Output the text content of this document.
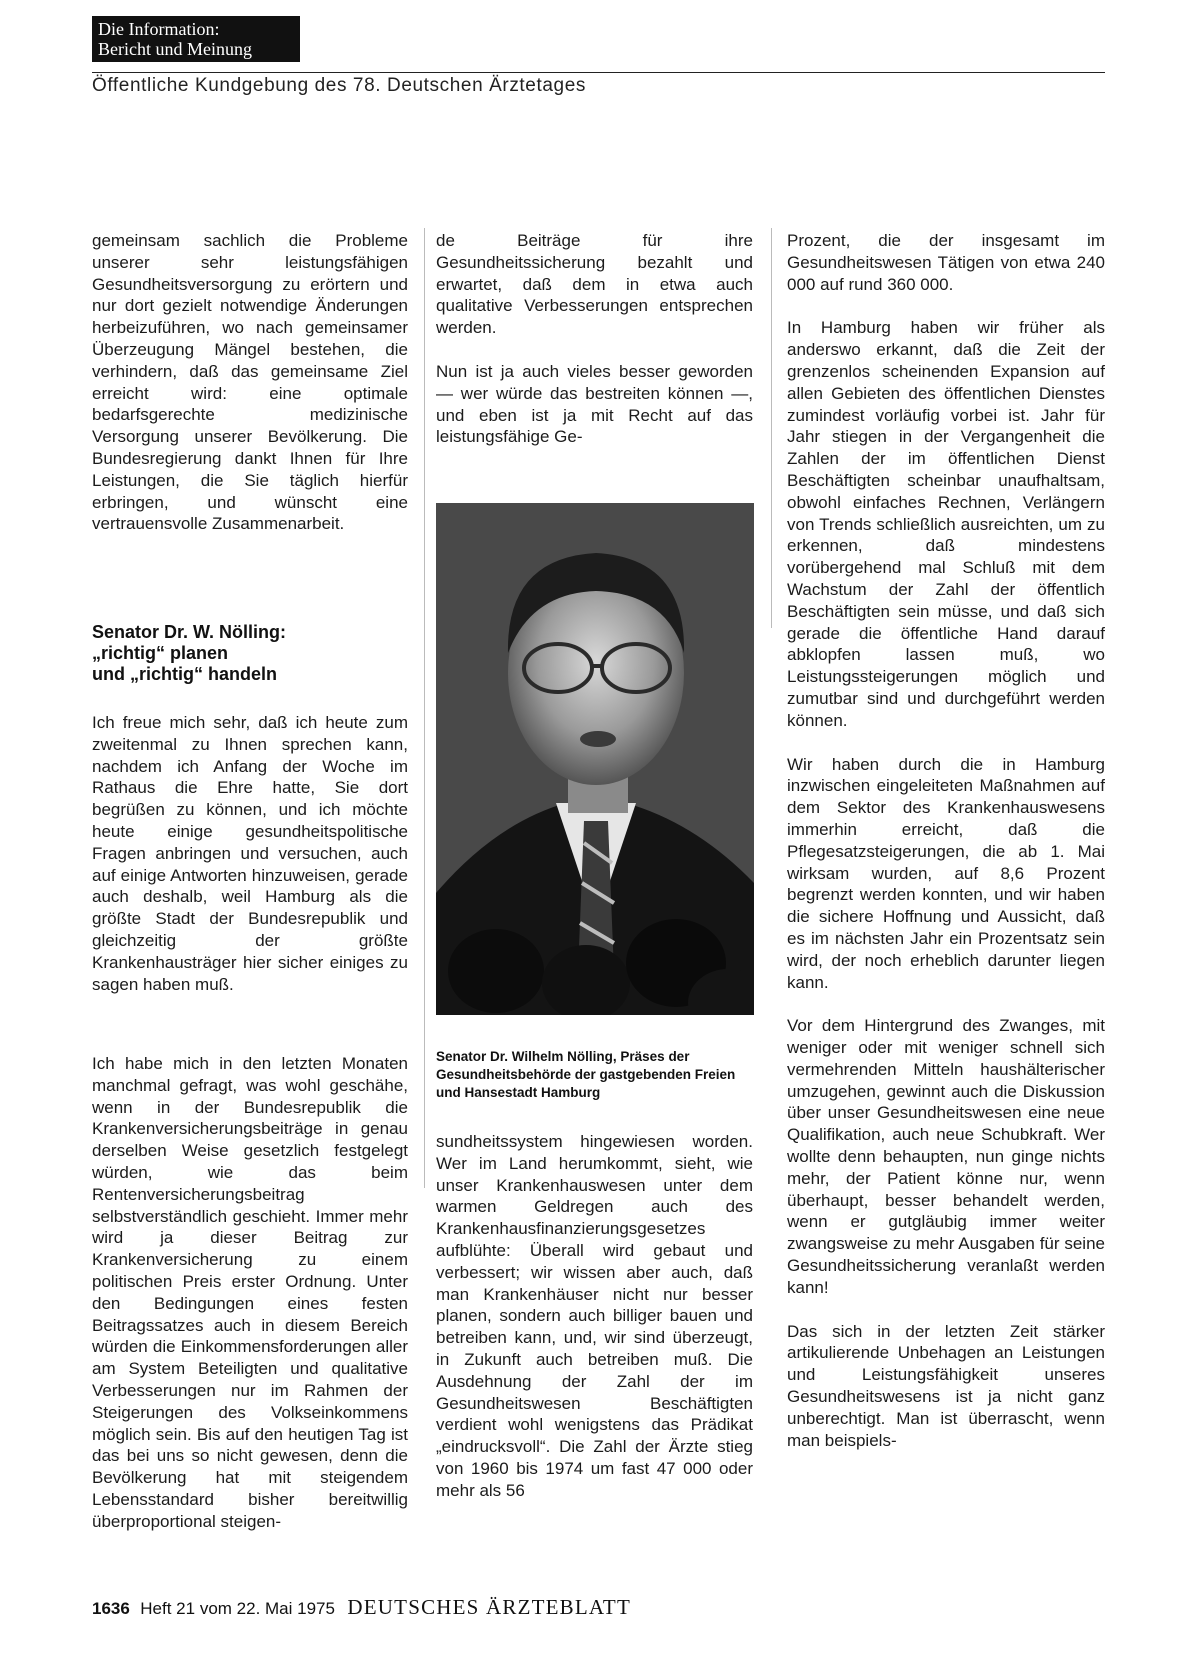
Die Information:
Bericht und Meinung
Öffentliche Kundgebung des 78. Deutschen Ärztetages

gemeinsam sachlich die Probleme unserer sehr leistungsfähigen Gesundheitsversorgung zu erörtern und nur dort gezielt notwendige Änderungen herbeizuführen, wo nach gemeinsamer Überzeugung Mängel bestehen, die verhindern, daß das gemeinsame Ziel erreicht wird: eine optimale bedarfsgerechte medizinische Versorgung unserer Bevölkerung. Die Bundesregierung dankt Ihnen für Ihre Leistungen, die Sie täglich hierfür erbringen, und wünscht eine vertrauensvolle Zusammenarbeit.

Senator Dr. W. Nölling:
„richtig“ planen
und „richtig“ handeln

Ich freue mich sehr, daß ich heute zum zweitenmal zu Ihnen sprechen kann, nachdem ich Anfang der Woche im Rathaus die Ehre hatte, Sie dort begrüßen zu können, und ich möchte heute einige gesundheitspolitische Fragen anbringen und versuchen, auch auf einige Antworten hinzuweisen, gerade auch deshalb, weil Hamburg als die größte Stadt der Bundesrepublik und gleichzeitig der größte Krankenhausträger hier sicher einiges zu sagen haben muß.

Ich habe mich in den letzten Monaten manchmal gefragt, was wohl geschähe, wenn in der Bundesrepublik die Krankenversicherungsbeiträge in genau derselben Weise gesetzlich festgelegt würden, wie das beim Rentenversicherungsbeitrag selbstverständlich geschieht. Immer mehr wird ja dieser Beitrag zur Krankenversicherung zu einem politischen Preis erster Ordnung. Unter den Bedingungen eines festen Beitragssatzes auch in diesem Bereich würden die Einkommensforderungen aller am System Beteiligten und qualitative Verbesserungen nur im Rahmen der Steigerungen des Volkseinkommens möglich sein. Bis auf den heutigen Tag ist das bei uns so nicht gewesen, denn die Bevölkerung hat mit steigendem Lebensstandard bisher bereitwillig überproportional steigen-

de Beiträge für ihre Gesundheitssicherung bezahlt und erwartet, daß dem in etwa auch qualitative Verbesserungen entsprechen werden.

Nun ist ja auch vieles besser geworden — wer würde das bestreiten können —, und eben ist ja mit Recht auf das leistungsfähige Ge-

Senator Dr. Wilhelm Nölling, Präses der Gesundheitsbehörde der gastgebenden Freien und Hansestadt Hamburg

sundheitssystem hingewiesen worden. Wer im Land herumkommt, sieht, wie unser Krankenhauswesen unter dem warmen Geldregen auch des Krankenhausfinanzierungsgesetzes aufblühte: Überall wird gebaut und verbessert; wir wissen aber auch, daß man Krankenhäuser nicht nur besser planen, sondern auch billiger bauen und betreiben kann, und, wir sind überzeugt, in Zukunft auch betreiben muß. Die Ausdehnung der Zahl der im Gesundheitswesen Beschäftigten verdient wohl wenigstens das Prädikat „eindrucksvoll“. Die Zahl der Ärzte stieg von 1960 bis 1974 um fast 47 000 oder mehr als 56

Prozent, die der insgesamt im Gesundheitswesen Tätigen von etwa 240 000 auf rund 360 000.

In Hamburg haben wir früher als anderswo erkannt, daß die Zeit der grenzenlos scheinenden Expansion auf allen Gebieten des öffentlichen Dienstes zumindest vorläufig vorbei ist. Jahr für Jahr stiegen in der Vergangenheit die Zahlen der im öffentlichen Dienst Beschäftigten scheinbar unaufhaltsam, obwohl einfaches Rechnen, Verlängern von Trends schließlich ausreichten, um zu erkennen, daß mindestens vorübergehend mal Schluß mit dem Wachstum der Zahl der öffentlich Beschäftigten sein müsse, und daß sich gerade die öffentliche Hand darauf abklopfen lassen muß, wo Leistungssteigerungen möglich und zumutbar sind und durchgeführt werden können.

Wir haben durch die in Hamburg inzwischen eingeleiteten Maßnahmen auf dem Sektor des Krankenhauswesens immerhin erreicht, daß die Pflegesatzsteigerungen, die ab 1. Mai wirksam wurden, auf 8,6 Prozent begrenzt werden konnten, und wir haben die sichere Hoffnung und Aussicht, daß es im nächsten Jahr ein Prozentsatz sein wird, der noch erheblich darunter liegen kann.

Vor dem Hintergrund des Zwanges, mit weniger oder mit weniger schnell sich vermehrenden Mitteln haushälterischer umzugehen, gewinnt auch die Diskussion über unser Gesundheitswesen eine neue Qualifikation, auch neue Schubkraft. Wer wollte denn behaupten, nun ginge nichts mehr, der Patient könne nur, wenn überhaupt, besser behandelt werden, wenn er gutgläubig immer weiter zwangsweise zu mehr Ausgaben für seine Gesundheitssicherung veranlaßt werden kann!

Das sich in der letzten Zeit stärker artikulierende Unbehagen an Leistungen und Leistungsfähigkeit unseres Gesundheitswesens ist ja nicht ganz unberechtigt. Man ist überrascht, wenn man beispiels-

1636 Heft 21 vom 22. Mai 1975 DEUTSCHES ÄRZTEBLATT
